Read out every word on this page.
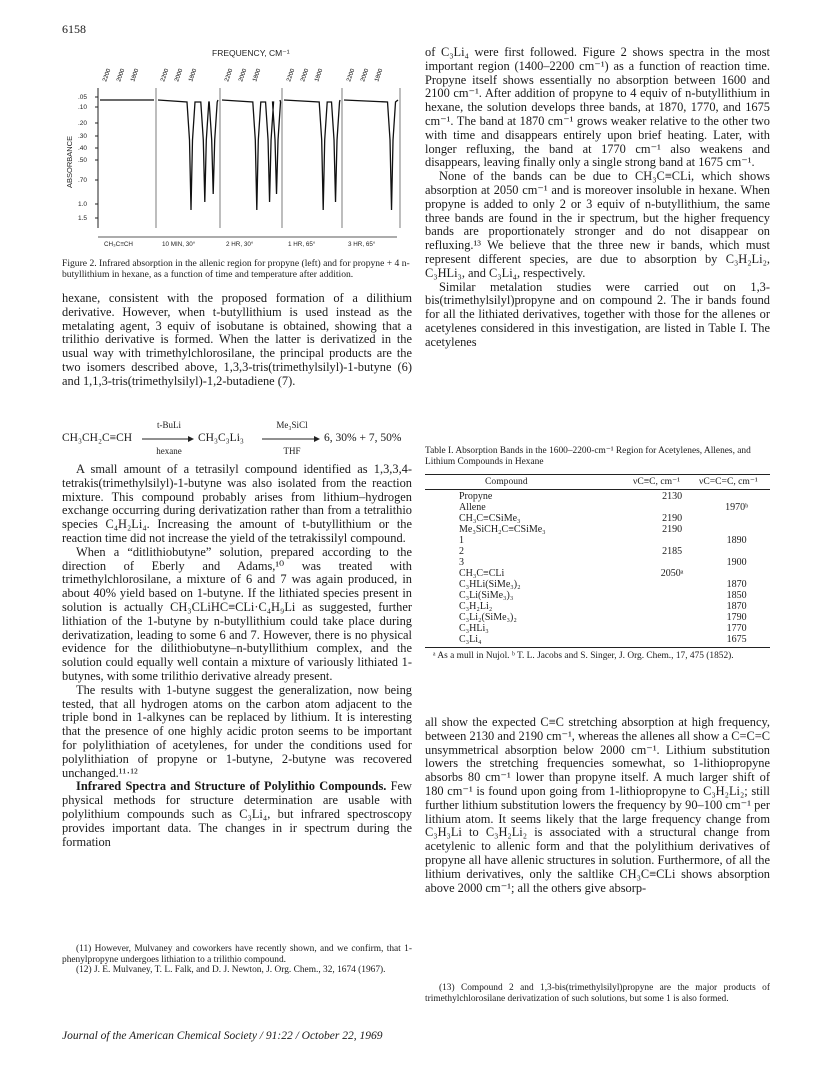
6158
FREQUENCY, CM⁻¹
ABSORBANCE
.05
.10
.20
.30
.40
.50
.70
1.0
1.5
2200 2000 1800	2200 2000 1800	2200 2000 1800	2200 2000 1800	2200 2000 1800
CH₃C≡CH	10 MIN, 30°	2 HR, 30°	1 HR, 65°	3 HR, 65°
Figure 2. Infrared absorption in the allenic region for propyne (left) and for propyne + 4 n-butyllithium in hexane, as a function of time and temperature after addition.

hexane, consistent with the proposed formation of a dilithium derivative. However, when t-butyllithium is used instead as the metalating agent, 3 equiv of isobutane is obtained, showing that a trilithio derivative is formed. When the latter is derivatized in the usual way with trimethylchlorosilane, the principal products are the two isomers described above, 1,3,3-tris(trimethylsilyl)-1-butyne (6) and 1,1,3-tris(trimethylsilyl)-1,2-butadiene (7).

CH₃CH₂C≡CH
t-BuLi
hexane
CH₃C₃Li₃
Me₃SiCl
THF
6, 30% + 7, 50%

A small amount of a tetrasilyl compound identified as 1,3,3,4-tetrakis(trimethylsilyl)-1-butyne was also isolated from the reaction mixture. This compound probably arises from lithium–hydrogen exchange occurring during derivatization rather than from a tetralithio species C₄H₂Li₄. Increasing the amount of t-butyllithium or the reaction time did not increase the yield of the tetrakissilyl compound.

When a “ditlithiobutyne” solution, prepared according to the direction of Eberly and Adams,¹⁰ was treated with trimethylchlorosilane, a mixture of 6 and 7 was again produced, in about 40% yield based on 1-butyne. If the lithiated species present in solution is actually CH₃CLiHC≡CLi·C₄H₉Li as suggested, further lithiation of the 1-butyne by n-butyllithium could take place during derivatization, leading to some 6 and 7. However, there is no physical evidence for the dilithiobutyne–n-butyllithium complex, and the solution could equally well contain a mixture of variously lithiated 1-butynes, with some trilithio derivative already present.

The results with 1-butyne suggest the generalization, now being tested, that all hydrogen atoms on the carbon atom adjacent to the triple bond in 1-alkynes can be replaced by lithium. It is interesting that the presence of one highly acidic proton seems to be important for polylithiation of acetylenes, for under the conditions used for polylithiation of propyne or 1-butyne, 2-butyne was recovered unchanged.¹¹·¹²

Infrared Spectra and Structure of Polylithio Compounds. Few physical methods for structure determination are usable with polylithium compounds such as C₃Li₄, but infrared spectroscopy provides important data. The changes in ir spectrum during the formation

(11) However, Mulvaney and coworkers have recently shown, and we confirm, that 1-phenylpropyne undergoes lithiation to a trilithio compound.

(12) J. E. Mulvaney, T. L. Falk, and D. J. Newton, J. Org. Chem., 32, 1674 (1967).

of C₃Li₄ were first followed. Figure 2 shows spectra in the most important region (1400–2200 cm⁻¹) as a function of reaction time. Propyne itself shows essentially no absorption between 1600 and 2100 cm⁻¹. After addition of propyne to 4 equiv of n-butyllithium in hexane, the solution develops three bands, at 1870, 1770, and 1675 cm⁻¹. The band at 1870 cm⁻¹ grows weaker relative to the other two with time and disappears entirely upon brief heating. Later, with longer refluxing, the band at 1770 cm⁻¹ also weakens and disappears, leaving finally only a single strong band at 1675 cm⁻¹.

None of the bands can be due to CH₃C≡CLi, which shows absorption at 2050 cm⁻¹ and is moreover insoluble in hexane. When propyne is added to only 2 or 3 equiv of n-butyllithium, the same three bands are found in the ir spectrum, but the higher frequency bands are proportionately stronger and do not disappear on refluxing.¹³ We believe that the three new ir bands, which must represent different species, are due to absorption by C₃H₂Li₂, C₃HLi₃, and C₃Li₄, respectively.

Similar metalation studies were carried out on 1,3-bis(trimethylsilyl)propyne and on compound 2. The ir bands found for all the lithiated derivatives, together with those for the allenes or acetylenes considered in this investigation, are listed in Table I. The acetylenes

Table I. Absorption Bands in the 1600–2200-cm⁻¹ Region for Acetylenes, Allenes, and Lithium Compounds in Hexane
Compound	νC≡C, cm⁻¹ νC=C=C, cm⁻¹
Propyne	2130	
Allene		1970ᵇ
CH₃C≡CSiMe₃	2190	
Me₃SiCH₂C≡CSiMe₃	2190	
1		1890
2	2185	
3		1900
CH₃C≡CLi	2050ᵃ	
C₃HLi(SiMe₃)₂		1870
C₃Li(SiMe₃)₃		1850
C₃H₂Li₂		1870
C₃Li₂(SiMe₃)₂		1790
C₃HLi₃		1770
C₃Li₄		1675
ᵃ As a mull in Nujol. ᵇ T. L. Jacobs and S. Singer, J. Org. Chem., 17, 475 (1852).

all show the expected C≡C stretching absorption at high frequency, between 2130 and 2190 cm⁻¹, whereas the allenes all show a C=C=C unsymmetrical absorption below 2000 cm⁻¹. Lithium substitution lowers the stretching frequencies somewhat, so 1-lithiopropyne absorbs 80 cm⁻¹ lower than propyne itself. A much larger shift of 180 cm⁻¹ is found upon going from 1-lithiopropyne to C₃H₂Li₂; still further lithium substitution lowers the frequency by 90–100 cm⁻¹ per lithium atom. It seems likely that the large frequency change from C₃H₃Li to C₃H₂Li₂ is associated with a structural change from acetylenic to allenic form and that the polylithium derivatives of propyne all have allenic structures in solution. Furthermore, of all the lithium derivatives, only the saltlike CH₃C≡CLi shows absorption above 2000 cm⁻¹; all the others give absorp-

(13) Compound 2 and 1,3-bis(trimethylsilyl)propyne are the major products of trimethylchlorosilane derivatization of such solutions, but some 1 is also formed.

Journal of the American Chemical Society / 91:22 / October 22, 1969
